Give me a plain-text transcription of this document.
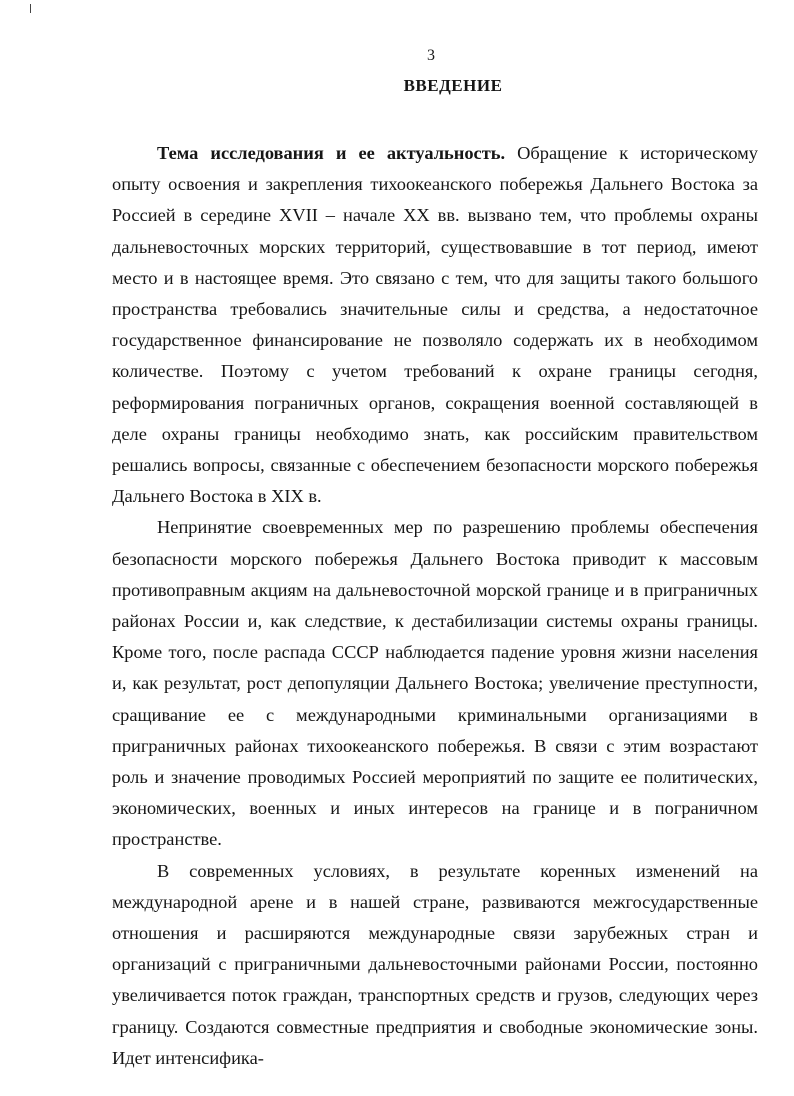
3
ВВЕДЕНИЕ

Тема исследования и ее актуальность. Обращение к историческому опыту освоения и закрепления тихоокеанского побережья Дальнего Востока за Россией в середине XVII – начале XX вв. вызвано тем, что проблемы охраны дальневосточных морских территорий, существовавшие в тот период, имеют место и в настоящее время. Это связано с тем, что для защиты такого большого пространства требовались значительные силы и средства, а недостаточное государственное финансирование не позволяло содержать их в необходимом количестве. Поэтому с учетом требований к охране границы сегодня, реформирования пограничных органов, сокращения военной составляющей в деле охраны границы необходимо знать, как российским правительством решались вопросы, связанные с обеспечением безопасности морского побережья Дальнего Востока в XIX в.

Непринятие своевременных мер по разрешению проблемы обеспечения безопасности морского побережья Дальнего Востока приводит к массовым противоправным акциям на дальневосточной морской границе и в приграничных районах России и, как следствие, к дестабилизации системы охраны границы. Кроме того, после распада СССР наблюдается падение уровня жизни населения и, как результат, рост депопуляции Дальнего Востока; увеличение преступности, сращивание ее с международными криминальными организациями в приграничных районах тихоокеанского побережья. В связи с этим возрастают роль и значение проводимых Россией мероприятий по защите ее политических, экономических, военных и иных интересов на границе и в пограничном пространстве.

В современных условиях, в результате коренных изменений на международной арене и в нашей стране, развиваются межгосударственные отношения и расширяются международные связи зарубежных стран и организаций с приграничными дальневосточными районами России, постоянно увеличивается поток граждан, транспортных средств и грузов, следующих через границу. Создаются совместные предприятия и свободные экономические зоны. Идет интенсифика-
